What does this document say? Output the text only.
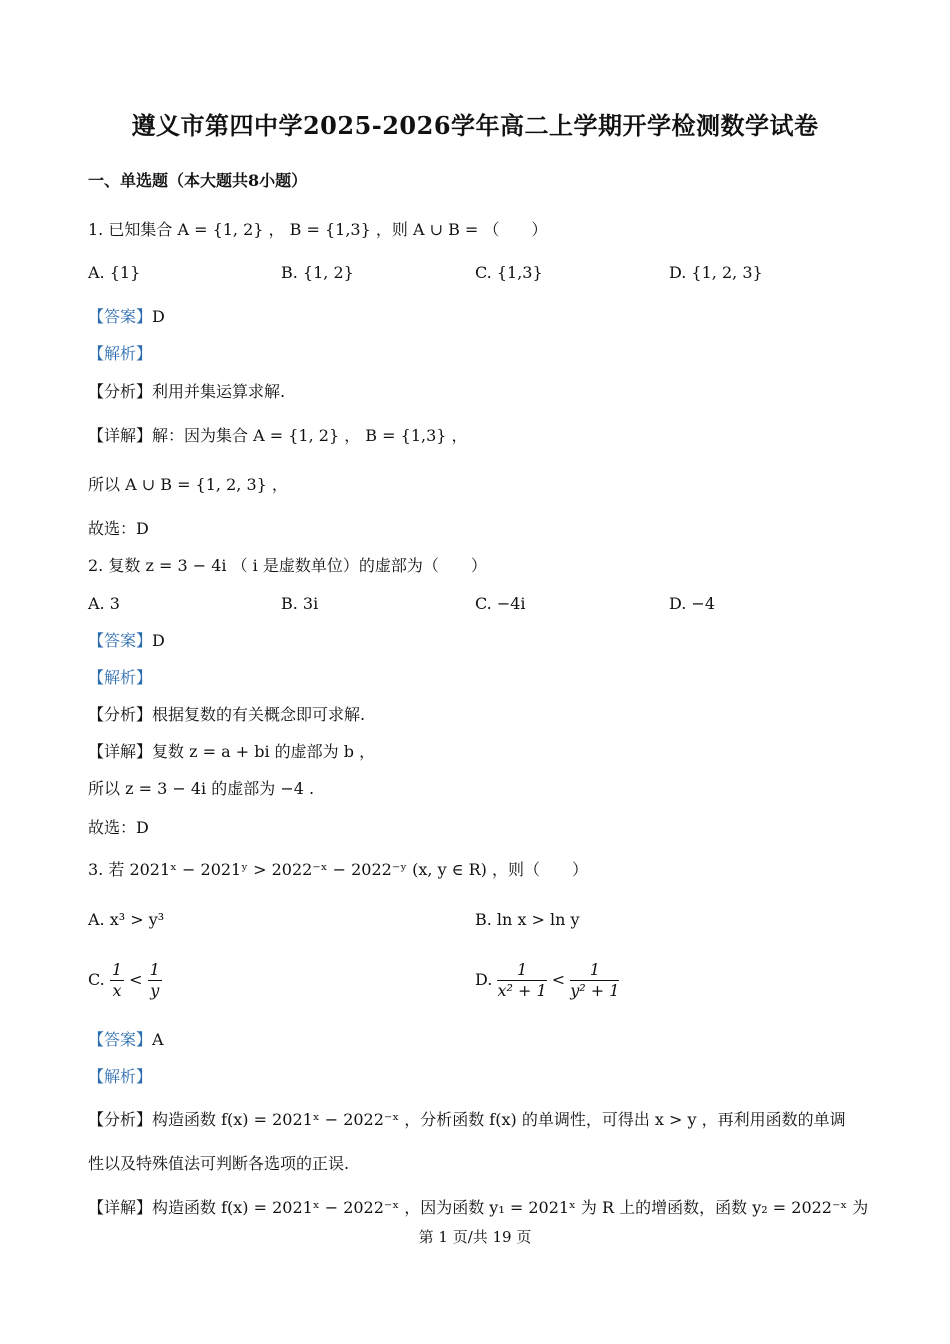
遵义市第四中学2025-2026学年高二上学期开学检测数学试卷
一、单选题（本大题共8小题）
1. 已知集合 A = {1, 2} ， B = {1,3} ，则 A ∪ B = （　　）
A. {1}	B. {1, 2}	C. {1,3}	D. {1, 2, 3}
【答案】D
【解析】
【分析】利用并集运算求解.
【详解】解：因为集合 A = {1, 2} ， B = {1,3} ，
所以 A ∪ B = {1, 2, 3} ，
故选：D
2. 复数 z = 3 − 4i （ i 是虚数单位）的虚部为（　　）
A. 3	B. 3i	C. −4i	D. −4
【答案】D
【解析】
【分析】根据复数的有关概念即可求解.
【详解】复数 z = a + bi 的虚部为 b ，
所以 z = 3 − 4i 的虚部为 −4 .
故选：D
3. 若 2021ˣ − 2021ʸ > 2022⁻ˣ − 2022⁻ʸ (x, y ∈ R) ，则（　　）
A. x³ > y³	B. ln x > ln y
C. $\frac{1}{x} < \frac{1}{y}$	D. $\frac{1}{\text{x² + 1}} < \frac{1}{\text{y² + 1}}$
【答案】A
【解析】
【分析】构造函数 f(x) = 2021ˣ − 2022⁻ˣ ，分析函数 f(x) 的单调性，可得出 x > y ，再利用函数的单调
性以及特殊值法可判断各选项的正误.
【详解】构造函数 f(x) = 2021ˣ − 2022⁻ˣ ，因为函数 y₁ = 2021ˣ 为 R 上的增函数，函数 y₂ = 2022⁻ˣ 为
第 1 页/共 19 页
